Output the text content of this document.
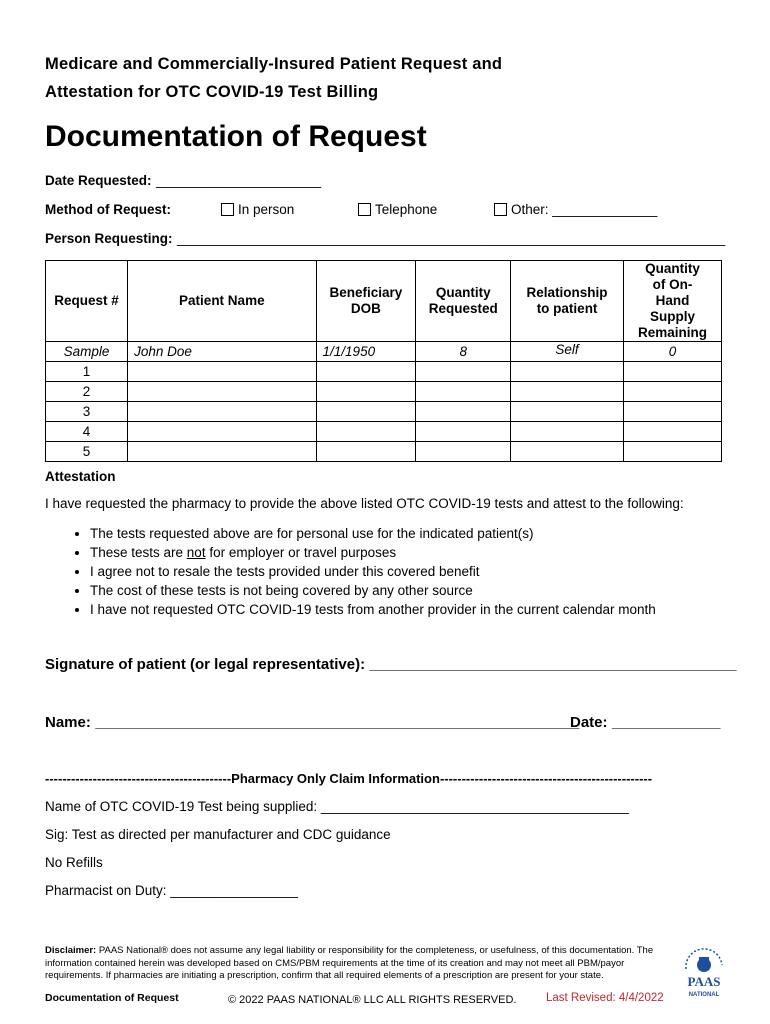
Medicare and Commercially-Insured Patient Request and
Attestation for OTC COVID-19 Test Billing
Documentation of Request
Date Requested: ______________________
Method of Request:	In person	Telephone	Other: ______________
Person Requesting: _________________________________________________________________________
Request #	Patient Name	Beneficiary DOB	Quantity Requested	Relationship to patient	Quantity of On-Hand Supply Remaining
Sample	John Doe	1/1/1950	8	Self	0
1					
2					
3					
4					
5					
Attestation
I have requested the pharmacy to provide the above listed OTC COVID-19 tests and attest to the following:
• The tests requested above are for personal use for the indicated patient(s)
• These tests are not for employer or travel purposes
• I agree not to resale the tests provided under this covered benefit
• The cost of these tests is not being covered by any other source
• I have not requested OTC COVID-19 tests from another provider in the current calendar month
Signature of patient (or legal representative): ____________________________________________
Name: __________________________________________________________
Date: _____________
-------------------------------------------Pharmacy Only Claim Information-------------------------------------------------
Name of OTC COVID-19 Test being supplied: _________________________________________
Sig: Test as directed per manufacturer and CDC guidance
No Refills
Pharmacist on Duty: _________________
Disclaimer: PAAS National® does not assume any legal liability or responsibility for the completeness, or usefulness, of this documentation. The information contained herein was developed based on CMS/PBM requirements at the time of its creation and may not meet all PBM/payor requirements. If pharmacies are initiating a prescription, confirm that all required elements of a prescription are present for your state.
Documentation of Request	© 2022 PAAS NATIONAL® LLC ALL RIGHTS RESERVED.	Last Revised: 4/4/2022
PAAS
NATIONAL
